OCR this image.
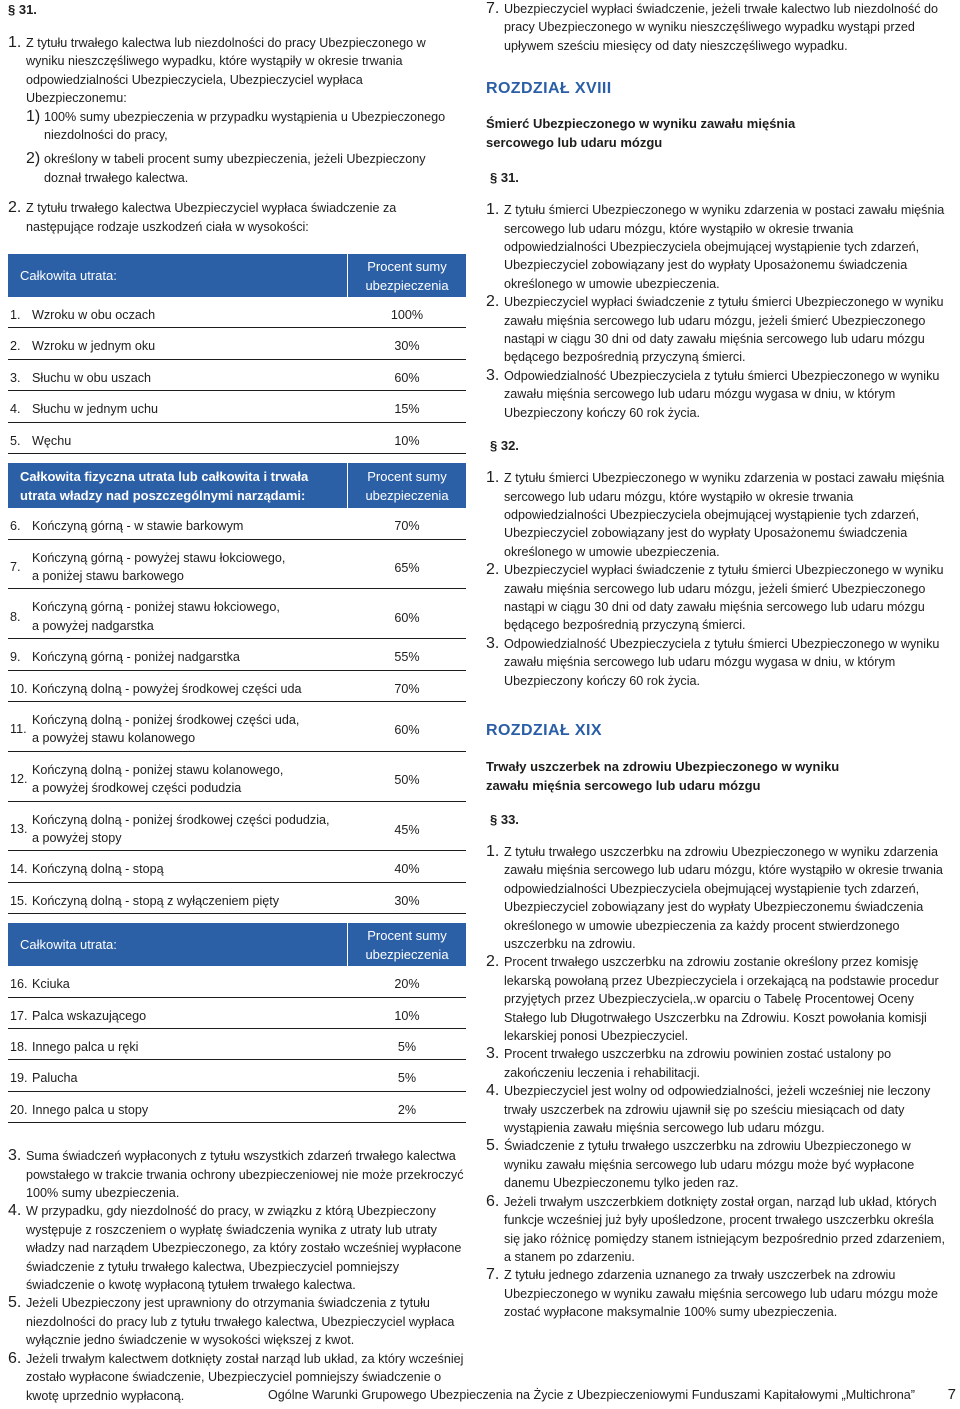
§ 31.
1. Z tytułu trwałego kalectwa lub niezdolności do pracy Ubezpieczonego w wyniku nieszczęśliwego wypadku, które wystąpiły w okresie trwania odpowiedzialności Ubezpieczyciela, Ubezpieczyciel wypłaca Ubezpieczonemu:

1) 100% sumy ubezpieczenia w przypadku wystąpienia u Ubezpieczonego niezdolności do pracy,

2) określony w tabeli procent sumy ubezpieczenia, jeżeli Ubezpieczony doznał trwałego kalectwa.

2. Z tytułu trwałego kalectwa Ubezpieczyciel wypłaca świadczenie za następujące rodzaje uszkodzeń ciała w wysokości:

Całkowita utrata:
Procent sumy ubezpieczenia
1. Wzroku w obu oczach	100%
2. Wzroku w jednym oku	30%
3. Słuchu w obu uszach	60%
4. Słuchu w jednym uchu	15%
5. Węchu	10%
Całkowita fizyczna utrata lub całkowita i trwała utrata władzy nad poszczególnymi narządami:
Procent sumy ubezpieczenia
6. Kończyną górną - w stawie barkowym	70%
7.
Kończyną górną - powyżej stawu łokciowego,
a poniżej stawu barkowego
65%
8.
Kończyną górną - poniżej stawu łokciowego,
a powyżej nadgarstka
60%
9. Kończyną górną - poniżej nadgarstka	55%
10. Kończyną dolną - powyżej środkowej części uda	70%
11.
Kończyną dolną - poniżej środkowej części uda,
a powyżej stawu kolanowego
60%
12.
Kończyną dolną - poniżej stawu kolanowego,
a powyżej środkowej części podudzia
50%
13.
Kończyną dolną - poniżej środkowej części podudzia,
a powyżej stopy
45%
14. Kończyną dolną - stopą	40%
15. Kończyną dolną - stopą z wyłączeniem pięty	30%
Całkowita utrata:
Procent sumy ubezpieczenia
16. Kciuka	20%
17. Palca wskazującego	10%
18. Innego palca u ręki	5%
19. Palucha	5%
20. Innego palca u stopy	2%
3. Suma świadczeń wypłaconych z tytułu wszystkich zdarzeń trwałego kalectwa powstałego w trakcie trwania ochrony ubezpieczeniowej nie może przekroczyć 100% sumy ubezpieczenia.

4. W przypadku, gdy niezdolność do pracy, w związku z którą Ubezpieczony występuje z roszczeniem o wypłatę świadczenia wynika z utraty lub utraty władzy nad narządem Ubezpieczonego, za który zostało wcześniej wypłacone świadczenie z tytułu trwałego kalectwa, Ubezpieczyciel pomniejszy świadczenie o kwotę wypłaconą tytułem trwałego kalectwa.

5. Jeżeli Ubezpieczony jest uprawniony do otrzymania świadczenia z tytułu niezdolności do pracy lub z tytułu trwałego kalectwa, Ubezpieczyciel wypłaca wyłącznie jedno świadczenie w wysokości większej z kwot.

6. Jeżeli trwałym kalectwem dotknięty został narząd lub układ, za który wcześniej zostało wypłacone świadczenie, Ubezpieczyciel pomniejszy świadczenie o kwotę uprzednio wypłaconą.

7. Ubezpieczyciel wypłaci świadczenie, jeżeli trwałe kalectwo lub niezdolność do pracy Ubezpieczonego w wyniku nieszczęśliwego wypadku wystąpi przed upływem sześciu miesięcy od daty nieszczęśliwego wypadku.

ROZDZIAŁ XVIII

Śmierć Ubezpieczonego w wyniku zawału mięśnia sercowego lub udaru mózgu

§ 31.
1. Z tytułu śmierci Ubezpieczonego w wyniku zdarzenia w postaci zawału mięśnia sercowego lub udaru mózgu, które wystąpiło w okresie trwania odpowiedzialności Ubezpieczyciela obejmującej wystąpienie tych zdarzeń, Ubezpieczyciel zobowiązany jest do wypłaty Uposażonemu świadczenia określonego w umowie ubezpieczenia.

2. Ubezpieczyciel wypłaci świadczenie z tytułu śmierci Ubezpieczonego w wyniku zawału mięśnia sercowego lub udaru mózgu, jeżeli śmierć Ubezpieczonego nastąpi w ciągu 30 dni od daty zawału mięśnia sercowego lub udaru mózgu będącego bezpośrednią przyczyną śmierci.

3. Odpowiedzialność Ubezpieczyciela z tytułu śmierci Ubezpieczonego w wyniku zawału mięśnia sercowego lub udaru mózgu wygasa w dniu, w którym Ubezpieczony kończy 60 rok życia.

§ 32.
1. Z tytułu śmierci Ubezpieczonego w wyniku zdarzenia w postaci zawału mięśnia sercowego lub udaru mózgu, które wystąpiło w okresie trwania odpowiedzialności Ubezpieczyciela obejmującej wystąpienie tych zdarzeń, Ubezpieczyciel zobowiązany jest do wypłaty Uposażonemu świadczenia określonego w umowie ubezpieczenia.

2. Ubezpieczyciel wypłaci świadczenie z tytułu śmierci Ubezpieczonego w wyniku zawału mięśnia sercowego lub udaru mózgu, jeżeli śmierć Ubezpieczonego nastąpi w ciągu 30 dni od daty zawału mięśnia sercowego lub udaru mózgu będącego bezpośrednią przyczyną śmierci.

3. Odpowiedzialność Ubezpieczyciela z tytułu śmierci Ubezpieczonego w wyniku zawału mięśnia sercowego lub udaru mózgu wygasa w dniu, w którym Ubezpieczony kończy 60 rok życia.

ROZDZIAŁ XIX

Trwały uszczerbek na zdrowiu Ubezpieczonego w wyniku zawału mięśnia sercowego lub udaru mózgu

§ 33.
1. Z tytułu trwałego uszczerbku na zdrowiu Ubezpieczonego w wyniku zdarzenia zawału mięśnia sercowego lub udaru mózgu, które wystąpiło w okresie trwania odpowiedzialności Ubezpieczyciela obejmującej wystąpienie tych zdarzeń, Ubezpieczyciel zobowiązany jest do wypłaty Ubezpieczonemu świadczenia określonego w umowie ubezpieczenia za każdy procent stwierdzonego uszczerbku na zdrowiu.

2. Procent trwałego uszczerbku na zdrowiu zostanie określony przez komisję lekarską powołaną przez Ubezpieczyciela i orzekającą na podstawie procedur przyjętych przez Ubezpieczyciela,.w oparciu o Tabelę Procentowej Oceny Stałego lub Długotrwałego Uszczerbku na Zdrowiu. Koszt powołania komisji lekarskiej ponosi Ubezpieczyciel.

3. Procent trwałego uszczerbku na zdrowiu powinien zostać ustalony po zakończeniu leczenia i rehabilitacji.

4. Ubezpieczyciel jest wolny od odpowiedzialności, jeżeli wcześniej nie leczony trwały uszczerbek na zdrowiu ujawnił się po sześciu miesiącach od daty wystąpienia zawału mięśnia sercowego lub udaru mózgu.

5. Świadczenie z tytułu trwałego uszczerbku na zdrowiu Ubezpieczonego w wyniku zawału mięśnia sercowego lub udaru mózgu może być wypłacone danemu Ubezpieczonemu tylko jeden raz.

6. Jeżeli trwałym uszczerbkiem dotknięty został organ, narząd lub układ, których funkcje wcześniej już były upośledzone, procent trwałego uszczerbku określa się jako różnicę pomiędzy stanem istniejącym bezpośrednio przed zdarzeniem, a stanem po zdarzeniu.

7. Z tytułu jednego zdarzenia uznanego za trwały uszczerbek na zdrowiu Ubezpieczonego w wyniku zawału mięśnia sercowego lub udaru mózgu może zostać wypłacone maksymalnie 100% sumy ubezpieczenia.

Ogólne Warunki Grupowego Ubezpieczenia na Życie z Ubezpieczeniowymi Funduszami Kapitałowymi „Multichrona” 7
